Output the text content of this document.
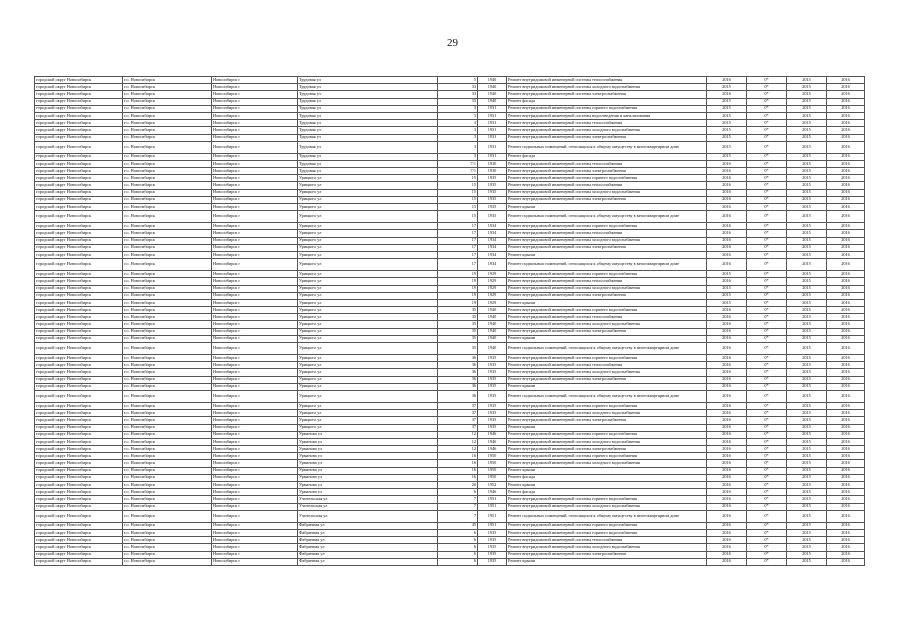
29
городской округ Новосибирск	г.о. Новосибирск	Новосибирск г	Трудовая ул	5	1940	Ремонт внутридомовой инженерной системы теплоснабжения	2016	0*	2015	2016
городской округ Новосибирск	г.о. Новосибирск	Новосибирск г	Трудовая ул	33	1940	Ремонт внутридомовой инженерной системы холодного водоснабжения	2015	0*	2015	2016
городской округ Новосибирск	г.о. Новосибирск	Новосибирск г	Трудовая ул	33	1940	Ремонт внутридомовой инженерной системы электроснабжения	2016	0*	2015	2016
городской округ Новосибирск	г.о. Новосибирск	Новосибирск г	Трудовая ул	33	1940	Ремонт фасада	2015	0*	2015	2016
городской округ Новосибирск	г.о. Новосибирск	Новосибирск г	Трудовая ул	3	1931	Ремонт внутридомовой инженерной системы горячего водоснабжения	2015	0*	2015	2016
городской округ Новосибирск	г.о. Новосибирск	Новосибирск г	Трудовая ул	3	1931	Ремонт внутридомовой инженерной системы водоотведения и канализования	2015	0*	2015	2016
городской округ Новосибирск	г.о. Новосибирск	Новосибирск г	Трудовая ул	3	1931	Ремонт внутридомовой инженерной системы теплоснабжения	2015	0*	2015	2016
городской округ Новосибирск	г.о. Новосибирск	Новосибирск г	Трудовая ул	3	1931	Ремонт внутридомовой инженерной системы холодного водоснабжения	2015	0*	2015	2016
городской округ Новосибирск	г.о. Новосибирск	Новосибирск г	Трудовая ул	3	1931	Ремонт внутридомовой инженерной системы электроснабжения	2015	0*	2015	2016
городской округ Новосибирск	г.о. Новосибирск	Новосибирск г	Трудовая ул	3	1931	Ремонт подвальных помещений, относящихся к общему имуществу в многоквартирном доме	2015	0*	2015	2016
городской округ Новосибирск	г.о. Новосибирск	Новосибирск г	Трудовая ул	3	1931	Ремонт фасада	2015	0*	2015	2016
городской округ Новосибирск	г.о. Новосибирск	Новосибирск г	Трудовая ул	7/1	1930	Ремонт внутридомовой инженерной системы теплоснабжения	2016	0*	2015	2016
городской округ Новосибирск	г.о. Новосибирск	Новосибирск г	Трудовая ул	7/1	1930	Ремонт внутридомовой инженерной системы электроснабжения	2016	0*	2015	2016
городской округ Новосибирск	г.о. Новосибирск	Новосибирск г	Урицкого ул	15	1935	Ремонт внутридомовой инженерной системы горячего водоснабжения	2016	0*	2015	2016
городской округ Новосибирск	г.о. Новосибирск	Новосибирск г	Урицкого ул	15	1935	Ремонт внутридомовой инженерной системы теплоснабжения	2016	0*	2015	2016
городской округ Новосибирск	г.о. Новосибирск	Новосибирск г	Урицкого ул	15	1935	Ремонт внутридомовой инженерной системы холодного водоснабжения	2016	0*	2015	2016
городской округ Новосибирск	г.о. Новосибирск	Новосибирск г	Урицкого ул	15	1935	Ремонт внутридомовой инженерной системы электроснабжения	2016	0*	2015	2016
городской округ Новосибирск	г.о. Новосибирск	Новосибирск г	Урицкого ул	15	1935	Ремонт крыши	2016	0*	2015	2016
городской округ Новосибирск	г.о. Новосибирск	Новосибирск г	Урицкого ул	15	1935	Ремонт подвальных помещений, относящихся к общему имуществу в многоквартирном доме	2016	0*	2015	2016
городской округ Новосибирск	г.о. Новосибирск	Новосибирск г	Урицкого ул	17	1934	Ремонт внутридомовой инженерной системы горячего водоснабжения	2016	0*	2015	2016
городской округ Новосибирск	г.о. Новосибирск	Новосибирск г	Урицкого ул	17	1934	Ремонт внутридомовой инженерной системы теплоснабжения	2016	0*	2015	2016
городской округ Новосибирск	г.о. Новосибирск	Новосибирск г	Урицкого ул	17	1934	Ремонт внутридомовой инженерной системы холодного водоснабжения	2016	0*	2015	2016
городской округ Новосибирск	г.о. Новосибирск	Новосибирск г	Урицкого ул	17	1934	Ремонт внутридомовой инженерной системы электроснабжения	2016	0*	2015	2016
городской округ Новосибирск	г.о. Новосибирск	Новосибирск г	Урицкого ул	17	1934	Ремонт крыши	2016	0*	2015	2016
городской округ Новосибирск	г.о. Новосибирск	Новосибирск г	Урицкого ул	17	1934	Ремонт подвальных помещений, относящихся к общему имуществу в многоквартирном доме	2016	0*	2015	2016
городской округ Новосибирск	г.о. Новосибирск	Новосибирск г	Урицкого ул	19	1929	Ремонт внутридомовой инженерной системы горячего водоснабжения	2015	0*	2015	2016
городской округ Новосибирск	г.о. Новосибирск	Новосибирск г	Урицкого ул	19	1929	Ремонт внутридомовой инженерной системы теплоснабжения	2016	0*	2015	2016
городской округ Новосибирск	г.о. Новосибирск	Новосибирск г	Урицкого ул	19	1929	Ремонт внутридомовой инженерной системы холодного водоснабжения	2015	0*	2015	2016
городской округ Новосибирск	г.о. Новосибирск	Новосибирск г	Урицкого ул	19	1929	Ремонт внутридомовой инженерной системы электроснабжения	2015	0*	2015	2016
городской округ Новосибирск	г.о. Новосибирск	Новосибирск г	Урицкого ул	19	1929	Ремонт крыши	2015	0*	2015	2016
городской округ Новосибирск	г.о. Новосибирск	Новосибирск г	Урицкого ул	35	1940	Ремонт внутридомовой инженерной системы горячего водоснабжения	2016	0*	2015	2016
городской округ Новосибирск	г.о. Новосибирск	Новосибирск г	Урицкого ул	35	1940	Ремонт внутридомовой инженерной системы теплоснабжения	2016	0*	2015	2016
городской округ Новосибирск	г.о. Новосибирск	Новосибирск г	Урицкого ул	35	1940	Ремонт внутридомовой инженерной системы холодного водоснабжения	2016	0*	2015	2016
городской округ Новосибирск	г.о. Новосибирск	Новосибирск г	Урицкого ул	35	1940	Ремонт внутридомовой инженерной системы электроснабжения	2016	0*	2015	2016
городской округ Новосибирск	г.о. Новосибирск	Новосибирск г	Урицкого ул	35	1940	Ремонт крыши	2016	0*	2015	2016
городской округ Новосибирск	г.о. Новосибирск	Новосибирск г	Урицкого ул	35	1940	Ремонт подвальных помещений, относящихся к общему имуществу в многоквартирном доме	2016	0*	2015	2016
городской округ Новосибирск	г.о. Новосибирск	Новосибирск г	Урицкого ул	36	1935	Ремонт внутридомовой инженерной системы горячего водоснабжения	2016	0*	2015	2016
городской округ Новосибирск	г.о. Новосибирск	Новосибирск г	Урицкого ул	36	1935	Ремонт внутридомовой инженерной системы теплоснабжения	2016	0*	2015	2016
городской округ Новосибирск	г.о. Новосибирск	Новосибирск г	Урицкого ул	36	1935	Ремонт внутридомовой инженерной системы холодного водоснабжения	2016	0*	2015	2016
городской округ Новосибирск	г.о. Новосибирск	Новосибирск г	Урицкого ул	36	1935	Ремонт внутридомовой инженерной системы электроснабжения	2016	0*	2015	2016
городской округ Новосибирск	г.о. Новосибирск	Новосибирск г	Урицкого ул	36	1935	Ремонт крыши	2016	0*	2015	2016
городской округ Новосибирск	г.о. Новосибирск	Новосибирск г	Урицкого ул	36	1935	Ремонт подвальных помещений, относящихся к общему имуществу в многоквартирном доме	2016	0*	2015	2016
городской округ Новосибирск	г.о. Новосибирск	Новосибирск г	Урицкого ул	37	1935	Ремонт внутридомовой инженерной системы горячего водоснабжения	2016	0*	2015	2016
городской округ Новосибирск	г.о. Новосибирск	Новосибирск г	Урицкого ул	37	1935	Ремонт внутридомовой инженерной системы холодного водоснабжения	2016	0*	2015	2016
городской округ Новосибирск	г.о. Новосибирск	Новосибирск г	Урицкого ул	37	1935	Ремонт внутридомовой инженерной системы электроснабжения	2016	0*	2015	2016
городской округ Новосибирск	г.о. Новосибирск	Новосибирск г	Урицкого ул	37	1935	Ремонт крыши	2016	0*	2015	2016
городской округ Новосибирск	г.о. Новосибирск	Новосибирск г	Урманова ул	12	1946	Ремонт внутридомовой инженерной системы горячего водоснабжения	2016	0*	2015	2016
городской округ Новосибирск	г.о. Новосибирск	Новосибирск г	Урманова ул	12	1946	Ремонт внутридомовой инженерной системы холодного водоснабжения	2016	0*	2015	2016
городской округ Новосибирск	г.о. Новосибирск	Новосибирск г	Урманова ул	12	1946	Ремонт внутридомовой инженерной системы электроснабжения	2016	0*	2015	2016
городской округ Новосибирск	г.о. Новосибирск	Новосибирск г	Урманова ул	16	1950	Ремонт внутридомовой инженерной системы горячего водоснабжения	2016	0*	2015	2016
городской округ Новосибирск	г.о. Новосибирск	Новосибирск г	Урманова ул	16	1950	Ремонт внутридомовой инженерной системы холодного водоснабжения	2016	0*	2015	2016
городской округ Новосибирск	г.о. Новосибирск	Новосибирск г	Урманова ул	16	1950	Ремонт крыши	2016	0*	2015	2016
городской округ Новосибирск	г.о. Новосибирск	Новосибирск г	Урманова ул	16	1950	Ремонт фасада	2016	0*	2015	2016
городской округ Новосибирск	г.о. Новосибирск	Новосибирск г	Урманова ул	20	1952	Ремонт крыши	2016	0*	2015	2016
городской округ Новосибирск	г.о. Новосибирск	Новосибирск г	Урманова ул	6	1946	Ремонт фасада	2016	0*	2015	2016
городской округ Новосибирск	г.о. Новосибирск	Новосибирск г	Учительская ул	7	1951	Ремонт внутридомовой инженерной системы горячего водоснабжения	2016	0*	2015	2016
городской округ Новосибирск	г.о. Новосибирск	Новосибирск г	Учительская ул	7	1951	Ремонт внутридомовой инженерной системы холодного водоснабжения	2016	0*	2015	2016
городской округ Новосибирск	г.о. Новосибирск	Новосибирск г	Учительская ул	7	1951	Ремонт подвальных помещений, относящихся к общему имуществу в многоквартирном доме	2016	0*	2015	2016
городской округ Новосибирск	г.о. Новосибирск	Новосибирск г	Фабричная ул	45	1951	Ремонт внутридомовой инженерной системы горячего водоснабжения	2016	0*	2015	2016
городской округ Новосибирск	г.о. Новосибирск	Новосибирск г	Фабричная ул	6	1935	Ремонт внутридомовой инженерной системы горячего водоснабжения	2016	0*	2015	2016
городской округ Новосибирск	г.о. Новосибирск	Новосибирск г	Фабричная ул	6	1935	Ремонт внутридомовой инженерной системы теплоснабжения	2016	0*	2015	2016
городской округ Новосибирск	г.о. Новосибирск	Новосибирск г	Фабричная ул	6	1935	Ремонт внутридомовой инженерной системы холодного водоснабжения	2016	0*	2015	2016
городской округ Новосибирск	г.о. Новосибирск	Новосибирск г	Фабричная ул	6	1935	Ремонт внутридомовой инженерной системы электроснабжения	2016	0*	2015	2016
городской округ Новосибирск	г.о. Новосибирск	Новосибирск г	Фабричная ул	6	1935	Ремонт крыши	2016	0*	2015	2016
